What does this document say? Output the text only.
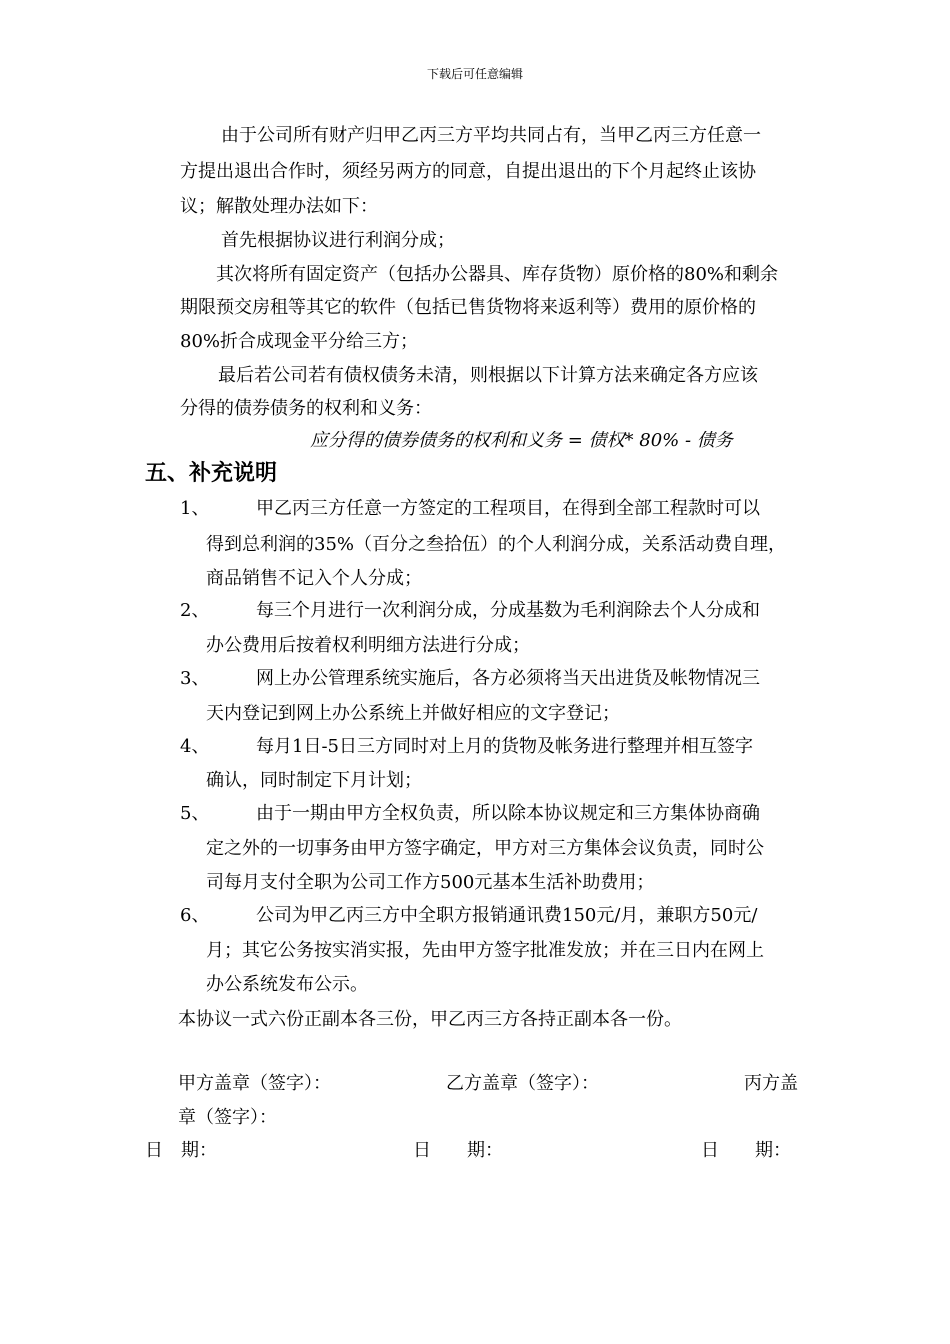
下载后可任意编辑
由于公司所有财产归甲乙丙三方平均共同占有，当甲乙丙三方任意一
方提出退出合作时，须经另两方的同意，自提出退出的下个月起终止该协
议；解散处理办法如下：
首先根据协议进行利润分成；
其次将所有固定资产（包括办公器具、库存货物）原价格的80%和剩余
期限预交房租等其它的软件（包括已售货物将来返利等）费用的原价格的
80%折合成现金平分给三方；
最后若公司若有债权债务未清，则根据以下计算方法来确定各方应该
分得的债券债务的权利和义务：
应分得的债券债务的权利和义务 = 债权* 80% - 债务
五、补充说明
1、	甲乙丙三方任意一方签定的工程项目，在得到全部工程款时可以
得到总利润的35%（百分之叁拾伍）的个人利润分成，关系活动费自理，
商品销售不记入个人分成；
2、	每三个月进行一次利润分成，分成基数为毛利润除去个人分成和
办公费用后按着权利明细方法进行分成；
3、	网上办公管理系统实施后，各方必须将当天出进货及帐物情况三
天内登记到网上办公系统上并做好相应的文字登记；
4、	每月1日-5日三方同时对上月的货物及帐务进行整理并相互签字
确认，同时制定下月计划；
5、	由于一期由甲方全权负责，所以除本协议规定和三方集体协商确
定之外的一切事务由甲方签字确定，甲方对三方集体会议负责，同时公
司每月支付全职为公司工作方500元基本生活补助费用；
6、	公司为甲乙丙三方中全职方报销通讯费150元/月，兼职方50元/
月；其它公务按实消实报，先由甲方签字批准发放；并在三日内在网上
办公系统发布公示。
本协议一式六份正副本各三份，甲乙丙三方各持正副本各一份。
甲方盖章（签字）：	乙方盖章（签字）：	丙方盖
章（签字）：
日　期：	日　　期：	日　　期：
